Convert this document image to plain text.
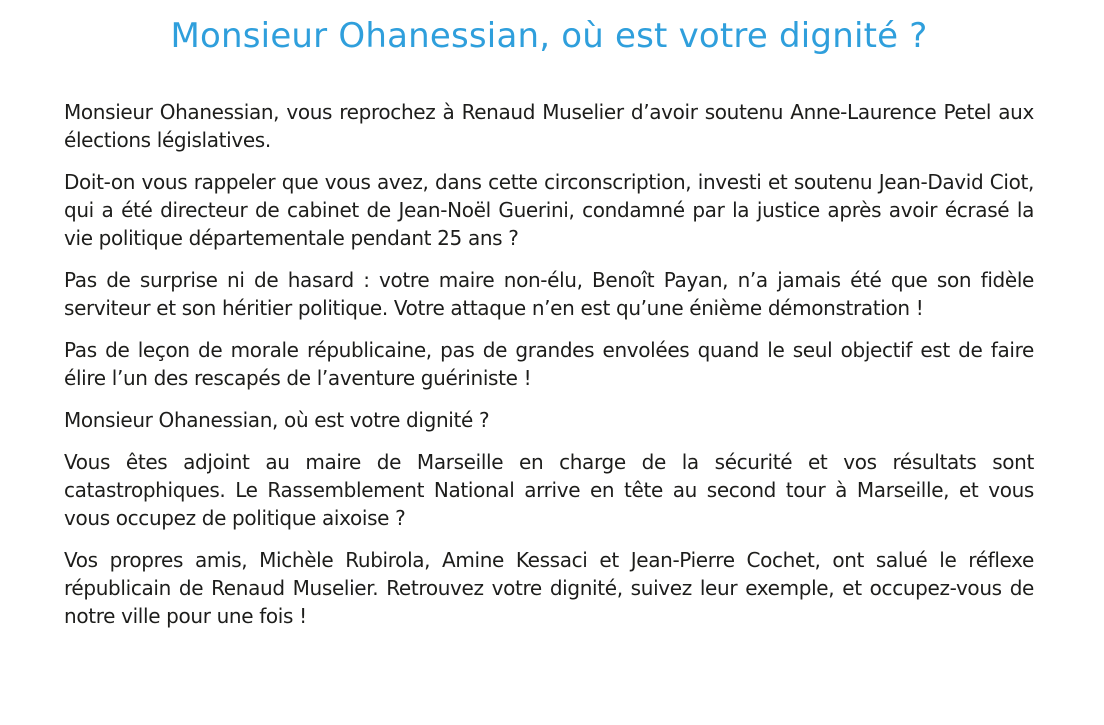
Monsieur Ohanessian, où est votre dignité ?

Monsieur Ohanessian, vous reprochez à Renaud Muselier d’avoir soutenu Anne-Laurence Petel aux élections législatives.

Doit-on vous rappeler que vous avez, dans cette circonscription, investi et soutenu Jean-David Ciot, qui a été directeur de cabinet de Jean-Noël Guerini, condamné par la justice après avoir écrasé la vie politique départementale pendant 25 ans ?

Pas de surprise ni de hasard : votre maire non-élu, Benoît Payan, n’a jamais été que son fidèle serviteur et son héritier politique. Votre attaque n’en est qu’une énième démonstration !

Pas de leçon de morale républicaine, pas de grandes envolées quand le seul objectif est de faire élire l’un des rescapés de l’aventure guériniste !

Monsieur Ohanessian, où est votre dignité ?

Vous êtes adjoint au maire de Marseille en charge de la sécurité et vos résultats sont catastrophiques. Le Rassemblement National arrive en tête au second tour à Marseille, et vous vous occupez de politique aixoise ?

Vos propres amis, Michèle Rubirola, Amine Kessaci et Jean-Pierre Cochet, ont salué le réflexe républicain de Renaud Muselier. Retrouvez votre dignité, suivez leur exemple, et occupez-vous de notre ville pour une fois !
